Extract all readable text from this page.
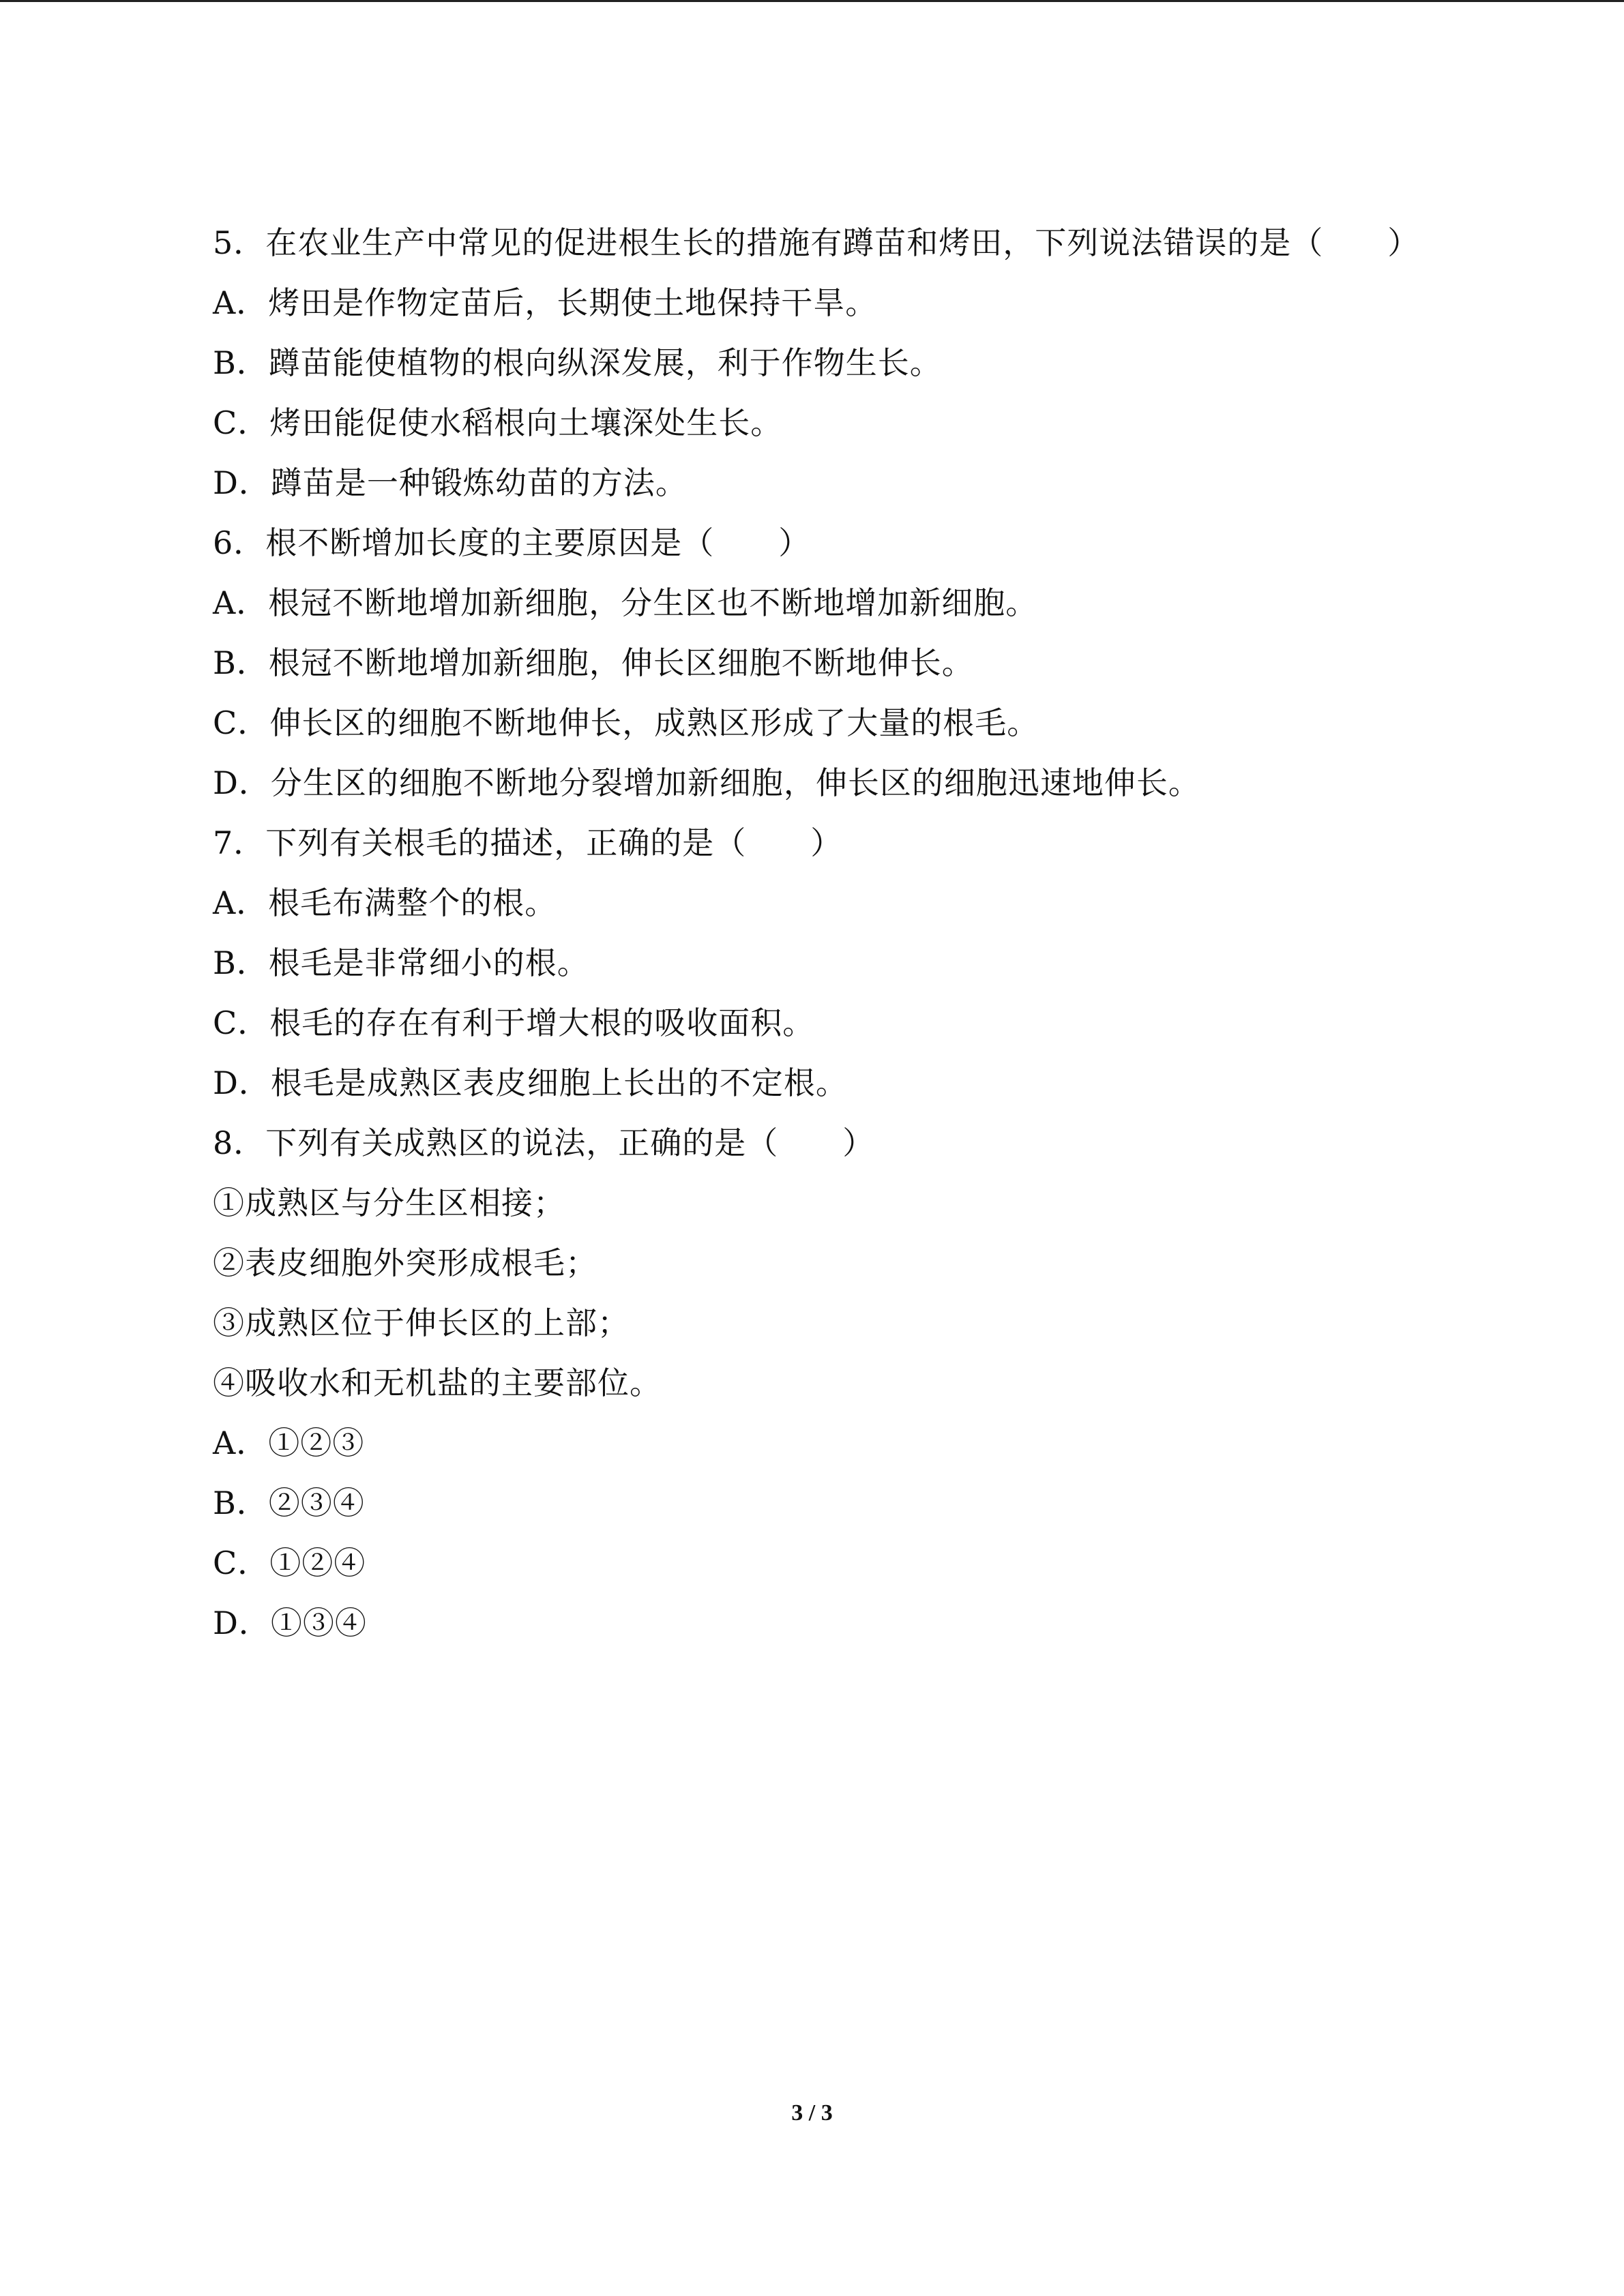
5．在农业生产中常见的促进根生长的措施有蹲苗和烤田，下列说法错误的是（　　）
A．烤田是作物定苗后，长期使土地保持干旱。
B．蹲苗能使植物的根向纵深发展，利于作物生长。
C．烤田能促使水稻根向土壤深处生长。
D．蹲苗是一种锻炼幼苗的方法。
6．根不断增加长度的主要原因是（　　）
A．根冠不断地增加新细胞，分生区也不断地增加新细胞。
B．根冠不断地增加新细胞，伸长区细胞不断地伸长。
C．伸长区的细胞不断地伸长，成熟区形成了大量的根毛。
D．分生区的细胞不断地分裂增加新细胞，伸长区的细胞迅速地伸长。
7．下列有关根毛的描述，正确的是（　　）
A．根毛布满整个的根。
B．根毛是非常细小的根。
C．根毛的存在有利于增大根的吸收面积。
D．根毛是成熟区表皮细胞上长出的不定根。
8．下列有关成熟区的说法，正确的是（　　）
①成熟区与分生区相接；
②表皮细胞外突形成根毛；
③成熟区位于伸长区的上部；
④吸收水和无机盐的主要部位。
A．①②③
B．②③④
C．①②④
D．①③④
3 / 3
